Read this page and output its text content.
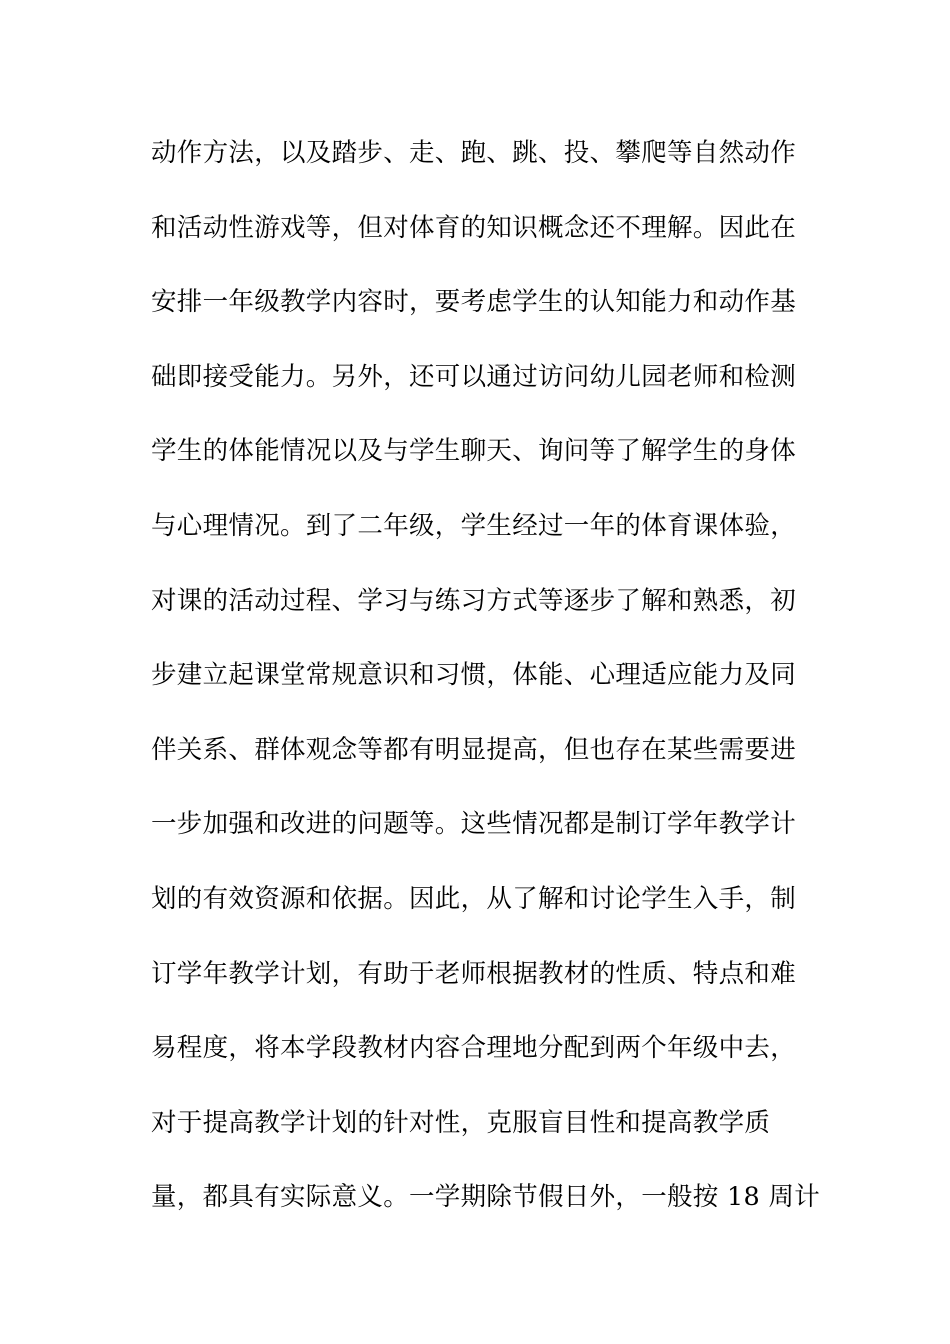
动作方法，以及踏步、走、跑、跳、投、攀爬等自然动作
和活动性游戏等，但对体育的知识概念还不理解。因此在
安排一年级教学内容时，要考虑学生的认知能力和动作基
础即接受能力。另外，还可以通过访问幼儿园老师和检测
学生的体能情况以及与学生聊天、询问等了解学生的身体
与心理情况。到了二年级，学生经过一年的体育课体验，
对课的活动过程、学习与练习方式等逐步了解和熟悉，初
步建立起课堂常规意识和习惯，体能、心理适应能力及同
伴关系、群体观念等都有明显提高，但也存在某些需要进
一步加强和改进的问题等。这些情况都是制订学年教学计
划的有效资源和依据。因此，从了解和讨论学生入手，制
订学年教学计划，有助于老师根据教材的性质、特点和难
易程度，将本学段教材内容合理地分配到两个年级中去，
对于提高教学计划的针对性，克服盲目性和提高教学质
量，都具有实际意义。一学期除节假日外，一般按 18 周计
